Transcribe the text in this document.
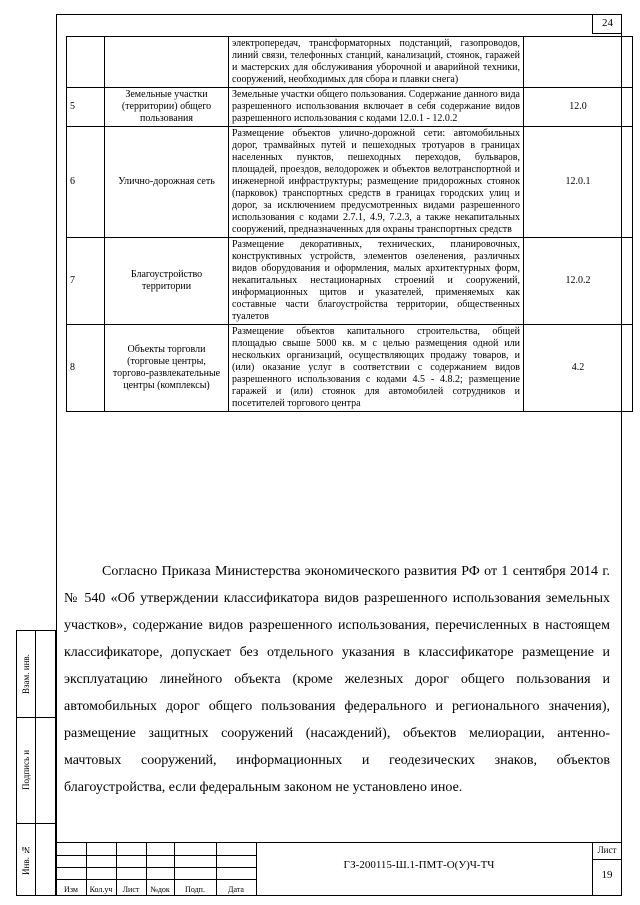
24
		электропередач, трансформаторных подстанций, газопроводов, линий связи, телефонных станций, канализаций, стоянок, гаражей и мастерских для обслуживания уборочной и аварийной техники, сооружений, необходимых для сбора и плавки снега)	
5	Земельные участки (территории) общего пользования	Земельные участки общего пользования. Содержание данного вида разрешенного использования включает в себя содержание видов разрешенного использования с кодами 12.0.1 - 12.0.2	12.0
6	Улично-дорожная сеть	Размещение объектов улично-дорожной сети: автомобильных дорог, трамвайных путей и пешеходных тротуаров в границах населенных пунктов, пешеходных переходов, бульваров, площадей, проездов, велодорожек и объектов велотранспортной и инженерной инфраструктуры; размещение придорожных стоянок (парковок) транспортных средств в границах городских улиц и дорог, за исключением предусмотренных видами разрешенного использования с кодами 2.7.1, 4.9, 7.2.3, а также некапитальных сооружений, предназначенных для охраны транспортных средств	12.0.1
7	Благоустройство территории	Размещение декоративных, технических, планировочных, конструктивных устройств, элементов озеленения, различных видов оборудования и оформления, малых архитектурных форм, некапитальных нестационарных строений и сооружений, информационных щитов и указателей, применяемых как составные части благоустройства территории, общественных туалетов	12.0.2
8	Объекты торговли (торговые центры, торгово-развлекательные центры (комплексы)	Размещение объектов капитального строительства, общей площадью свыше 5000 кв. м с целью размещения одной или нескольких организаций, осуществляющих продажу товаров, и (или) оказание услуг в соответствии с содержанием видов разрешенного использования с кодами 4.5 - 4.8.2; размещение гаражей и (или) стоянок для автомобилей сотрудников и посетителей торгового центра	4.2
Согласно Приказа Министерства экономического развития РФ от 1 сентября 2014 г. № 540 «Об утверждении классификатора видов разрешенного использования земельных участков», содержание видов разрешенного использования, перечисленных в настоящем классификаторе, допускает без отдельного указания в классификаторе размещение и эксплуатацию линейного объекта (кроме железных дорог общего пользования и автомобильных дорог общего пользования федерального и регионального значения), размещение защитных сооружений (насаждений), объектов мелиорации, антенно-мачтовых сооружений, информационных и геодезических знаков, объектов благоустройства, если федеральным законом не установлено иное.
Взам. инв.
Подпись и
Инв. №
Изм	Кол.уч	Лист	№док	Подп.	Дата
ГЗ-200115-Ш.1-ПМТ-О(У)Ч-ТЧ
Лист
19
